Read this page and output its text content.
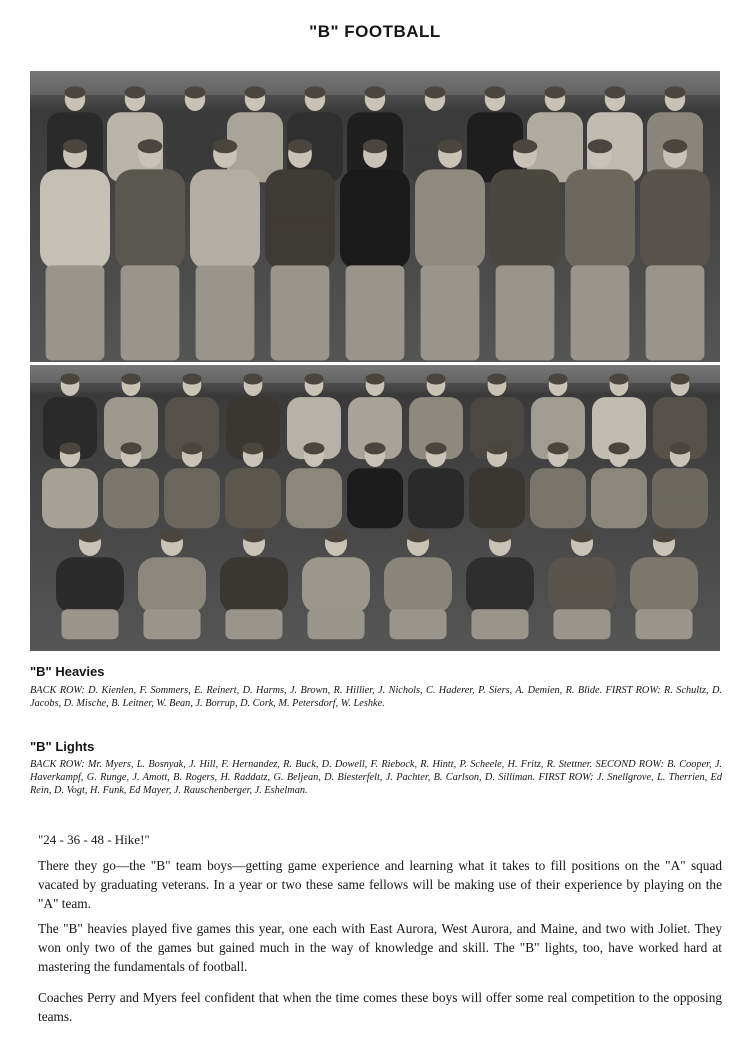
"B" FOOTBALL
"B" Heavies
BACK ROW: D. Kienlen, F. Sommers, E. Reinert, D. Harms, J. Brown, R. Hillier, J. Nichols, C. Haderer, P. Siers, A. Demien, R. Blide. FIRST ROW: R. Schultz, D. Jacobs, D. Mische, B. Leitner, W. Bean, J. Borrup, D. Cork, M. Petersdorf, W. Leshke.
"B" Lights
BACK ROW: Mr. Myers, L. Bosnyak, J. Hill, F. Hernandez, R. Buck, D. Dowell, F. Riebock, R. Hintt, P. Scheele, H. Fritz, R. Stettner. SECOND ROW: B. Cooper, J. Haverkampf, G. Runge, J. Amott, B. Rogers, H. Raddatz, G. Beljean, D. Biesterfelt, J. Pachter, B. Carlson, D. Silliman. FIRST ROW: J. Snellgrove, L. Therrien, Ed Rein, D. Vogt, H. Funk, Ed Mayer, J. Rauschenberger, J. Eshelman.
"24 - 36 - 48 - Hike!"

There they go—the "B" team boys—getting game experience and learning what it takes to fill positions on the "A" squad vacated by graduating veterans. In a year or two these same fellows will be making use of their experience by playing on the "A" team.

The "B" heavies played five games this year, one each with East Aurora, West Aurora, and Maine, and two with Joliet. They won only two of the games but gained much in the way of knowledge and skill. The "B" lights, too, have worked hard at mastering the fundamentals of football.

Coaches Perry and Myers feel confident that when the time comes these boys will offer some real competition to the opposing teams.
